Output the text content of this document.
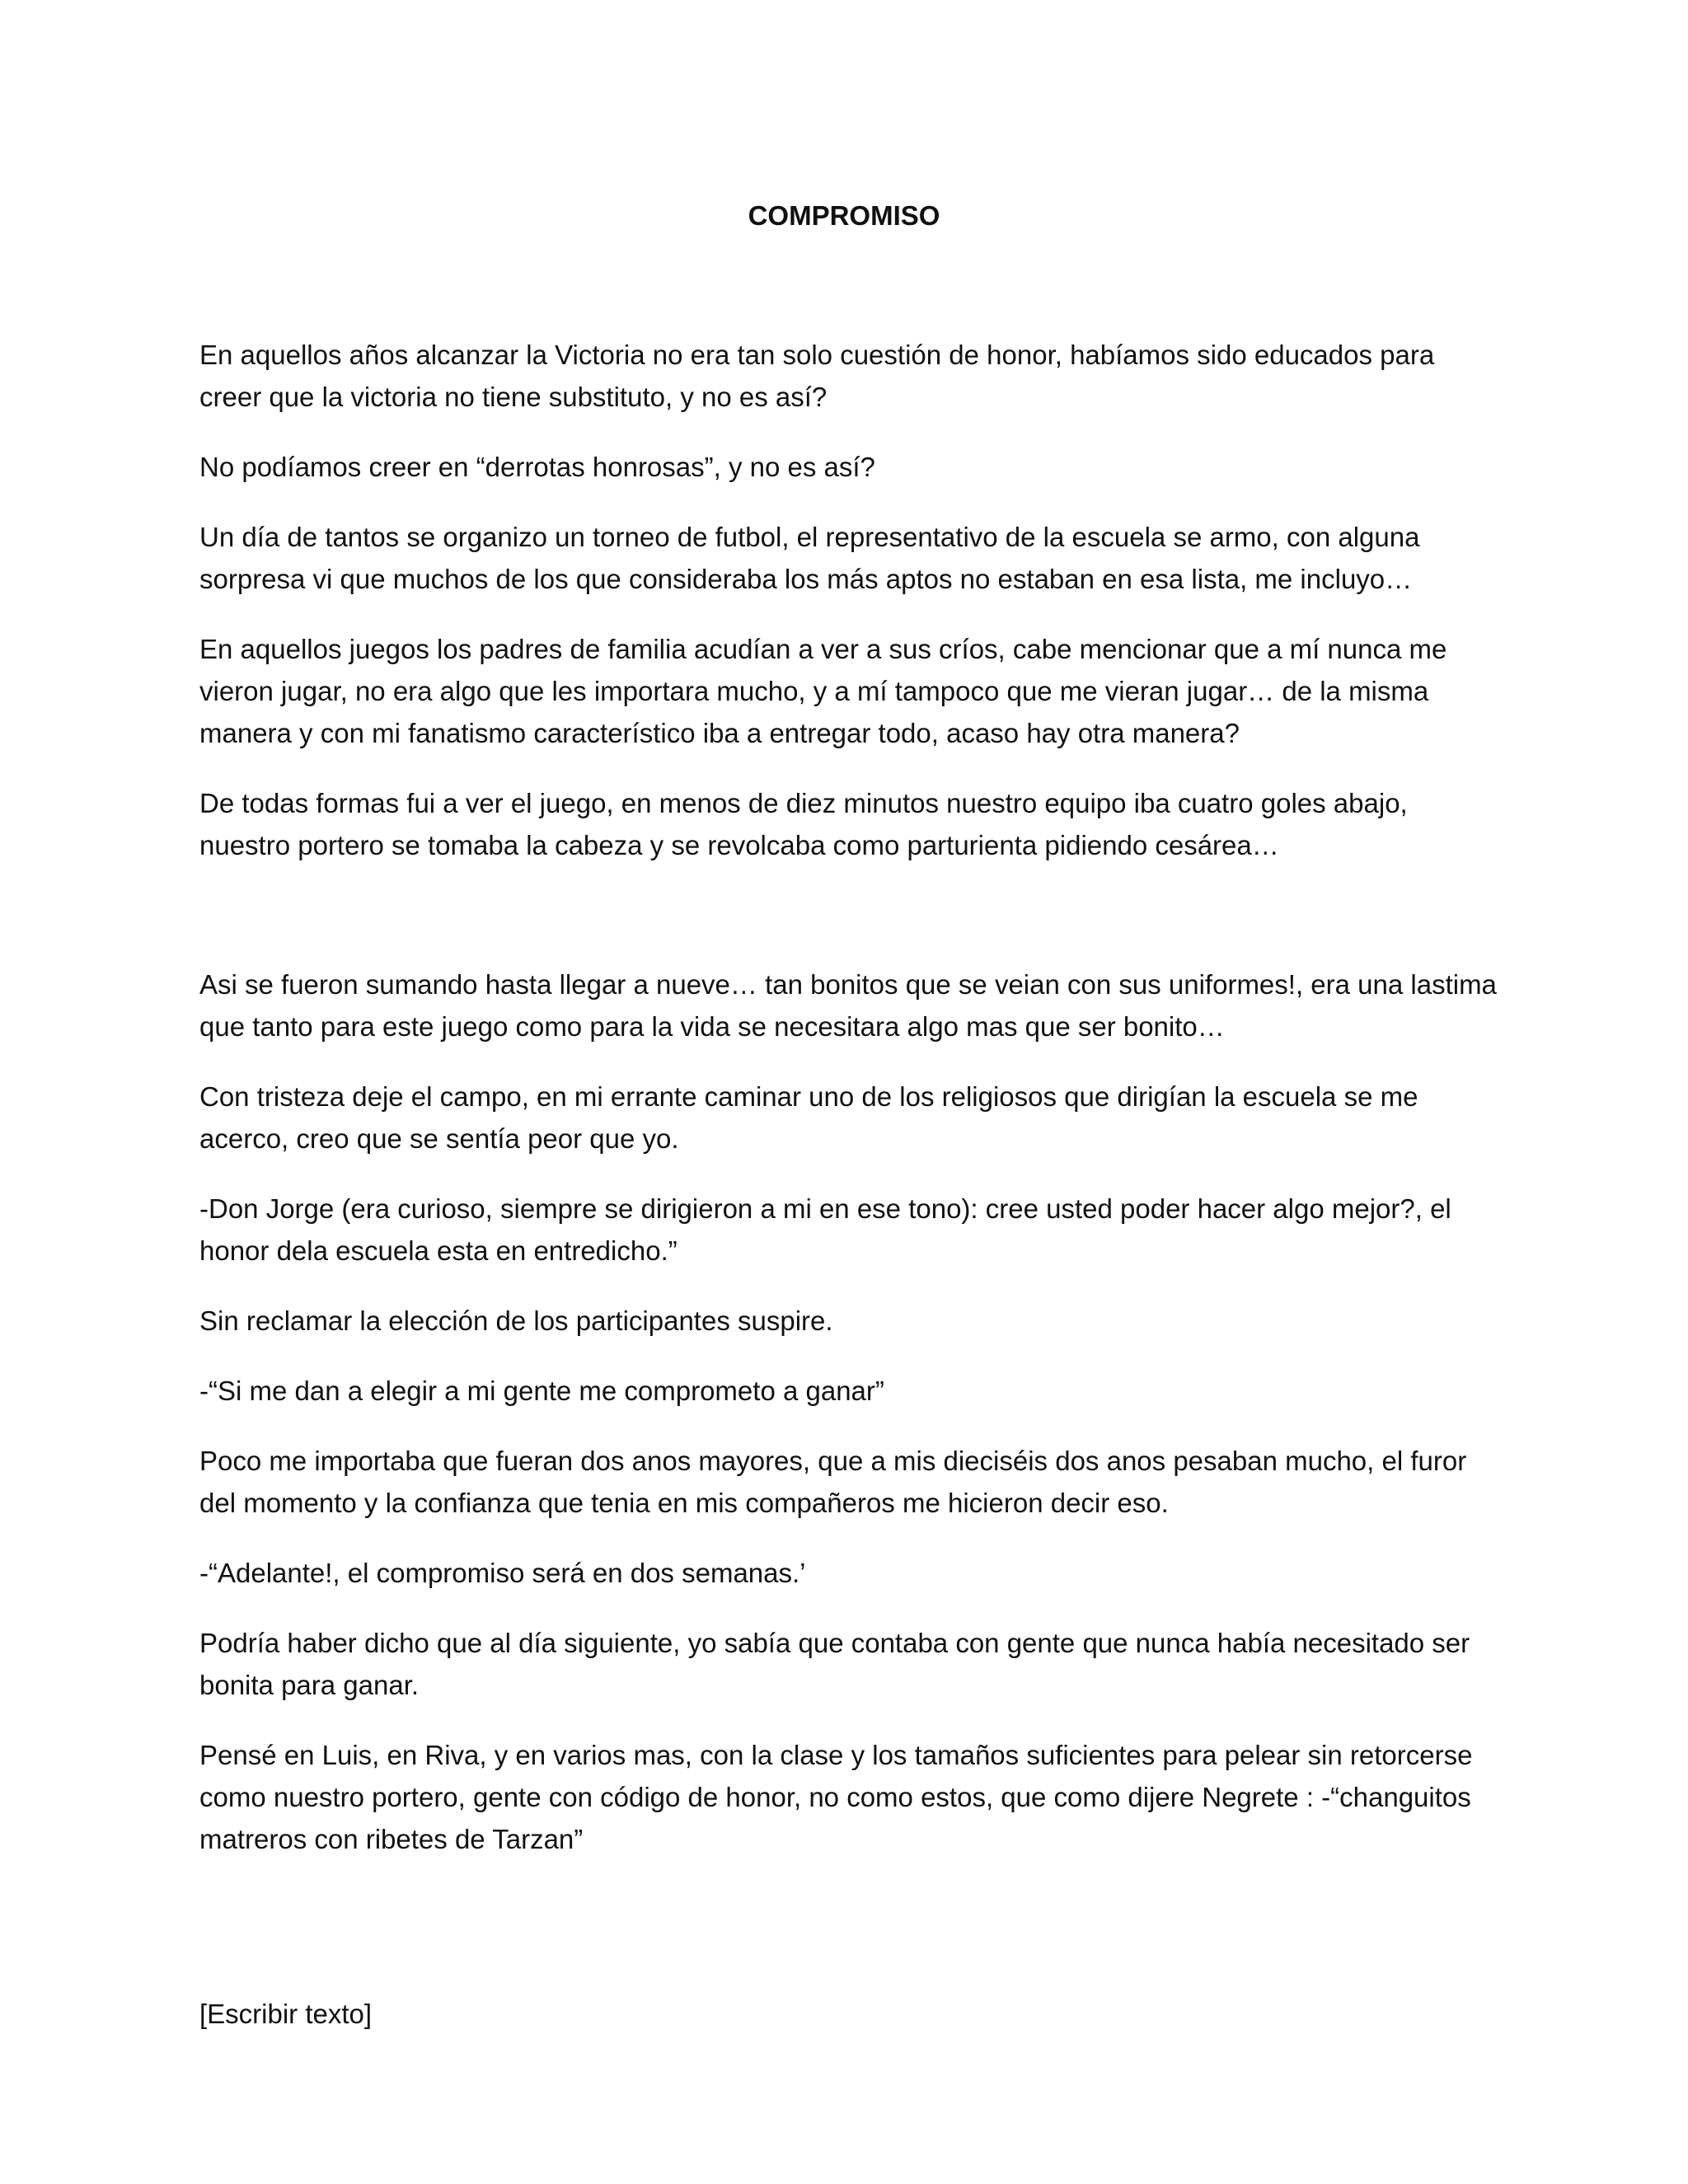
COMPROMISO

En aquellos años alcanzar la Victoria no era tan solo cuestión de honor, habíamos sido educados para creer que la victoria no tiene substituto, y no es así?

No podíamos creer en “derrotas honrosas”, y no es así?

Un día de tantos se organizo un torneo de futbol, el representativo de la escuela se armo, con alguna sorpresa vi que muchos de los que consideraba los más aptos no estaban en esa lista, me incluyo…

En aquellos juegos los padres de familia acudían a ver a sus críos, cabe mencionar que a mí nunca me vieron jugar, no era algo que les importara mucho, y a mí tampoco que me vieran jugar… de la misma manera y con mi fanatismo característico iba a entregar todo, acaso hay otra manera?

De todas formas fui a ver el juego, en menos de diez minutos nuestro equipo iba cuatro goles abajo, nuestro portero se tomaba la cabeza y se revolcaba como parturienta pidiendo cesárea…

Asi se fueron sumando hasta llegar a nueve… tan bonitos que se veian con sus uniformes!, era una lastima que tanto para este juego como para la vida se necesitara algo mas que ser bonito…

Con tristeza deje el campo, en mi errante caminar uno de los religiosos que dirigían la escuela se me acerco, creo que se sentía peor que yo.

-Don Jorge (era curioso, siempre se dirigieron a mi en ese tono): cree usted poder hacer algo mejor?, el honor dela escuela esta en entredicho.”

Sin reclamar la elección de los participantes suspire.

-“Si me dan a elegir a mi gente me comprometo a ganar”

Poco me importaba que fueran dos anos mayores, que a mis dieciséis dos anos pesaban mucho, el furor del momento y la confianza que tenia en mis compañeros me hicieron decir eso.

-“Adelante!, el compromiso será en dos semanas.’

Podría haber dicho que al día siguiente, yo sabía que contaba con gente que nunca había necesitado ser bonita para ganar.

Pensé en Luis, en Riva, y en varios mas, con la clase y los tamaños suficientes para pelear sin retorcerse como nuestro portero, gente con código de honor, no como estos, que como dijere Negrete : -“changuitos matreros con ribetes de Tarzan”

[Escribir texto]
